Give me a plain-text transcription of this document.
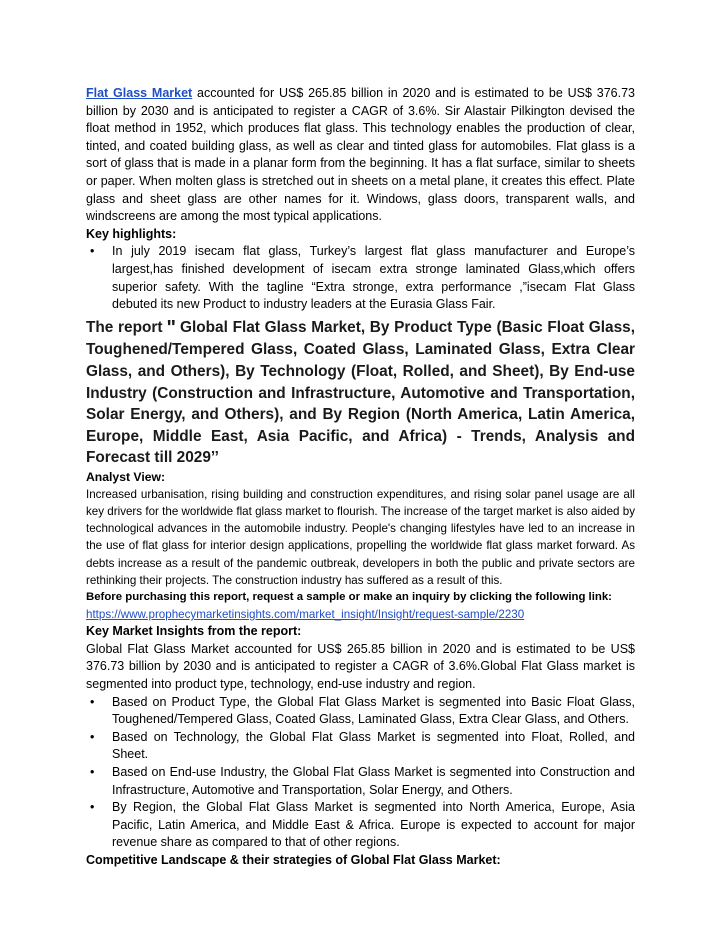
Flat Glass Market accounted for US$ 265.85 billion in 2020 and is estimated to be US$ 376.73 billion by 2030 and is anticipated to register a CAGR of 3.6%. Sir Alastair Pilkington devised the float method in 1952, which produces flat glass. This technology enables the production of clear, tinted, and coated building glass, as well as clear and tinted glass for automobiles. Flat glass is a sort of glass that is made in a planar form from the beginning. It has a flat surface, similar to sheets or paper. When molten glass is stretched out in sheets on a metal plane, it creates this effect. Plate glass and sheet glass are other names for it. Windows, glass doors, transparent walls, and windscreens are among the most typical applications.

Key highlights:

• In july 2019 isecam flat glass, Turkey’s largest flat glass manufacturer and Europe’s largest,has finished development of isecam extra stronge laminated Glass,which offers superior safety. With the tagline “Extra stronge, extra performance ,”isecam Flat Glass debuted its new Product to industry leaders at the Eurasia Glass Fair.

The report " Global Flat Glass Market, By Product Type (Basic Float Glass, Toughened/Tempered Glass, Coated Glass, Laminated Glass, Extra Clear Glass, and Others), By Technology (Float, Rolled, and Sheet), By End-use Industry (Construction and Infrastructure, Automotive and Transportation, Solar Energy, and Others), and By Region (North America, Latin America, Europe, Middle East, Asia Pacific, and Africa) - Trends, Analysis and Forecast till 2029’’

Analyst View:

Increased urbanisation, rising building and construction expenditures, and rising solar panel usage are all key drivers for the worldwide flat glass market to flourish. The increase of the target market is also aided by technological advances in the automobile industry. People's changing lifestyles have led to an increase in the use of flat glass for interior design applications, propelling the worldwide flat glass market forward. As debts increase as a result of the pandemic outbreak, developers in both the public and private sectors are rethinking their projects. The construction industry has suffered as a result of this.

Before purchasing this report, request a sample or make an inquiry by clicking the following link:

https://www.prophecymarketinsights.com/market_insight/Insight/request-sample/2230

Key Market Insights from the report:

Global Flat Glass Market accounted for US$ 265.85 billion in 2020 and is estimated to be US$ 376.73 billion by 2030 and is anticipated to register a CAGR of 3.6%.Global Flat Glass market is segmented into product type, technology, end-use industry and region.

• Based on Product Type, the Global Flat Glass Market is segmented into Basic Float Glass, Toughened/Tempered Glass, Coated Glass, Laminated Glass, Extra Clear Glass, and Others.
• Based on Technology, the Global Flat Glass Market is segmented into Float, Rolled, and Sheet.
• Based on End-use Industry, the Global Flat Glass Market is segmented into Construction and Infrastructure, Automotive and Transportation, Solar Energy, and Others.
• By Region, the Global Flat Glass Market is segmented into North America, Europe, Asia Pacific, Latin America, and Middle East & Africa. Europe is expected to account for major revenue share as compared to that of other regions.

Competitive Landscape & their strategies of Global Flat Glass Market:
